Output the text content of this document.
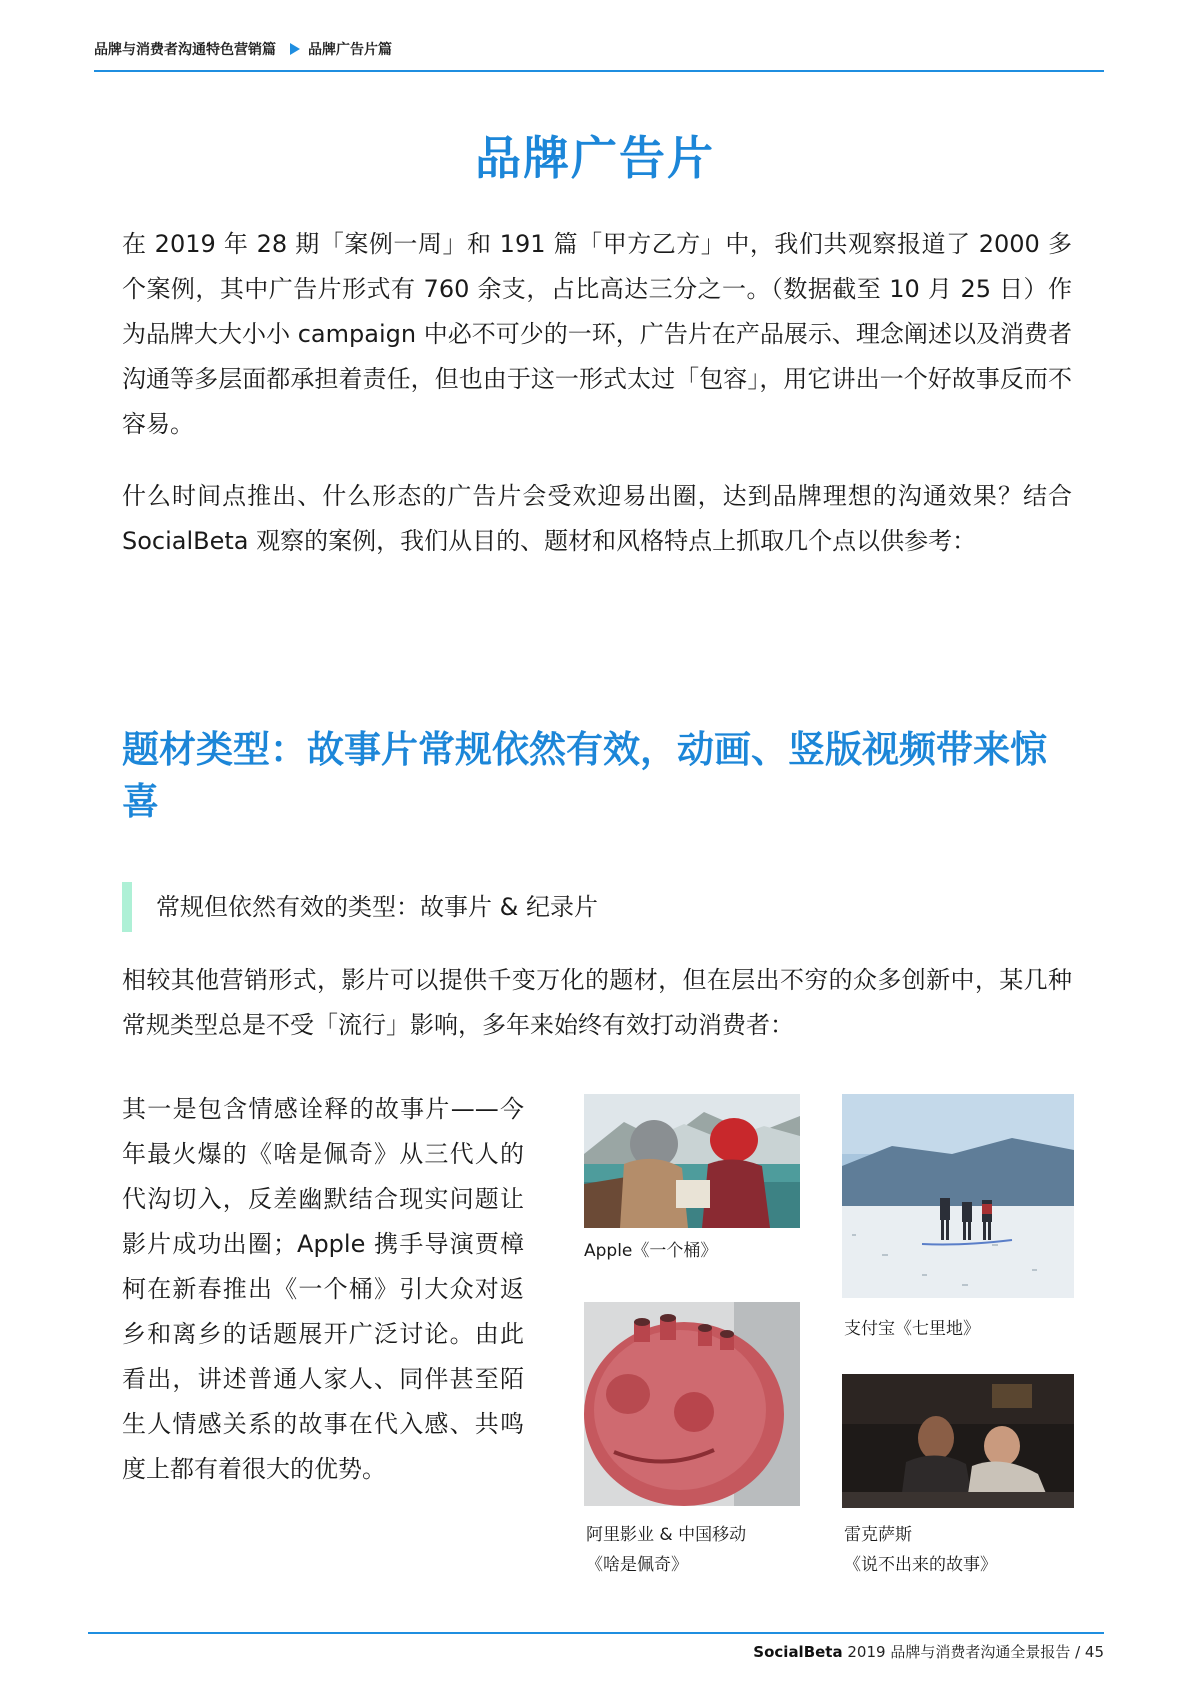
品牌与消费者沟通特色营销篇 品牌广告片篇
品牌广告片

在 2019 年 28 期「案例一周」和 191 篇「甲方乙方」中，我们共观察报道了 2000 多个案例，其中广告片形式有 760 余支，占比高达三分之一。（数据截至 10 月 25 日）作为品牌大大小小 campaign 中必不可少的一环，广告片在产品展示、理念阐述以及消费者沟通等多层面都承担着责任，但也由于这一形式太过「包容」，用它讲出一个好故事反而不容易。

什么时间点推出、什么形态的广告片会受欢迎易出圈，达到品牌理想的沟通效果？结合 SocialBeta 观察的案例，我们从目的、题材和风格特点上抓取几个点以供参考：

题材类型：故事片常规依然有效，动画、竖版视频带来惊喜
常规但依然有效的类型：故事片 & 纪录片

相较其他营销形式，影片可以提供千变万化的题材，但在层出不穷的众多创新中，某几种常规类型总是不受「流行」影响，多年来始终有效打动消费者：

其一是包含情感诠释的故事片——今年最火爆的《啥是佩奇》从三代人的代沟切入，反差幽默结合现实问题让影片成功出圈；Apple 携手导演贾樟柯在新春推出《一个桶》引大众对返乡和离乡的话题展开广泛讨论。由此看出，讲述普通人家人、同伴甚至陌生人情感关系的故事在代入感、共鸣度上都有着很大的优势。

Apple《一个桶》
支付宝《七里地》
阿里影业 & 中国移动
《啥是佩奇》
雷克萨斯
《说不出来的故事》
SocialBeta 2019 品牌与消费者沟通全景报告 / 45
